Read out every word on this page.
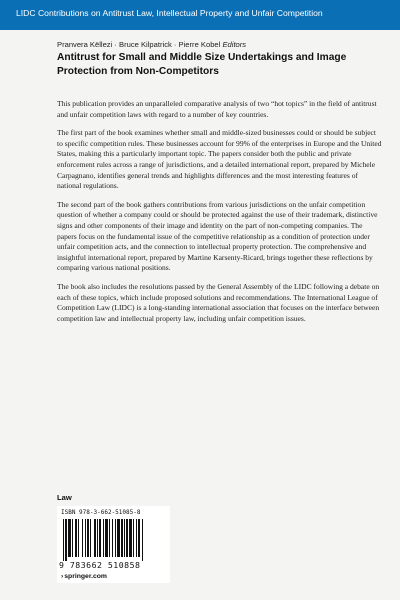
LIDC Contributions on Antitrust Law, Intellectual Property and Unfair Competition
Pranvera Këllezi · Bruce Kilpatrick · Pierre Kobel Editors
Antitrust for Small and Middle Size Undertakings and Image Protection from Non-Competitors

This publication provides an unparalleled comparative analysis of two “hot topics” in the field of antitrust and unfair competition laws with regard to a number of key countries.

The first part of the book examines whether small and middle-sized businesses could or should be subject to specific competition rules. These businesses account for 99% of the enterprises in Europe and the United States, making this a particularly important topic. The papers consider both the public and private enforcement rules across a range of jurisdictions, and a detailed international report, prepared by Michele Carpagnano, identifies general trends and highlights differences and the most interesting features of national regulations.

The second part of the book gathers contributions from various jurisdictions on the unfair competition question of whether a company could or should be protected against the use of their trademark, distinctive signs and other components of their image and identity on the part of non-competing companies. The papers focus on the fundamental issue of the competitive relationship as a condition of protection under unfair competition acts, and the connection to intellectual property protection. The comprehensive and insightful international report, prepared by Martine Karsenty-Ricard, brings together these reflections by comparing various national positions.

The book also includes the resolutions passed by the General Assembly of the LIDC following a debate on each of these topics, which include proposed solutions and recommendations. The International League of Competition Law (LIDC) is a long-standing international association that focuses on the interface between competition law and intellectual property law, including unfair competition issues.

Law
ISBN 978-3-662-51085-8
9 783662 510858
›springer.com
